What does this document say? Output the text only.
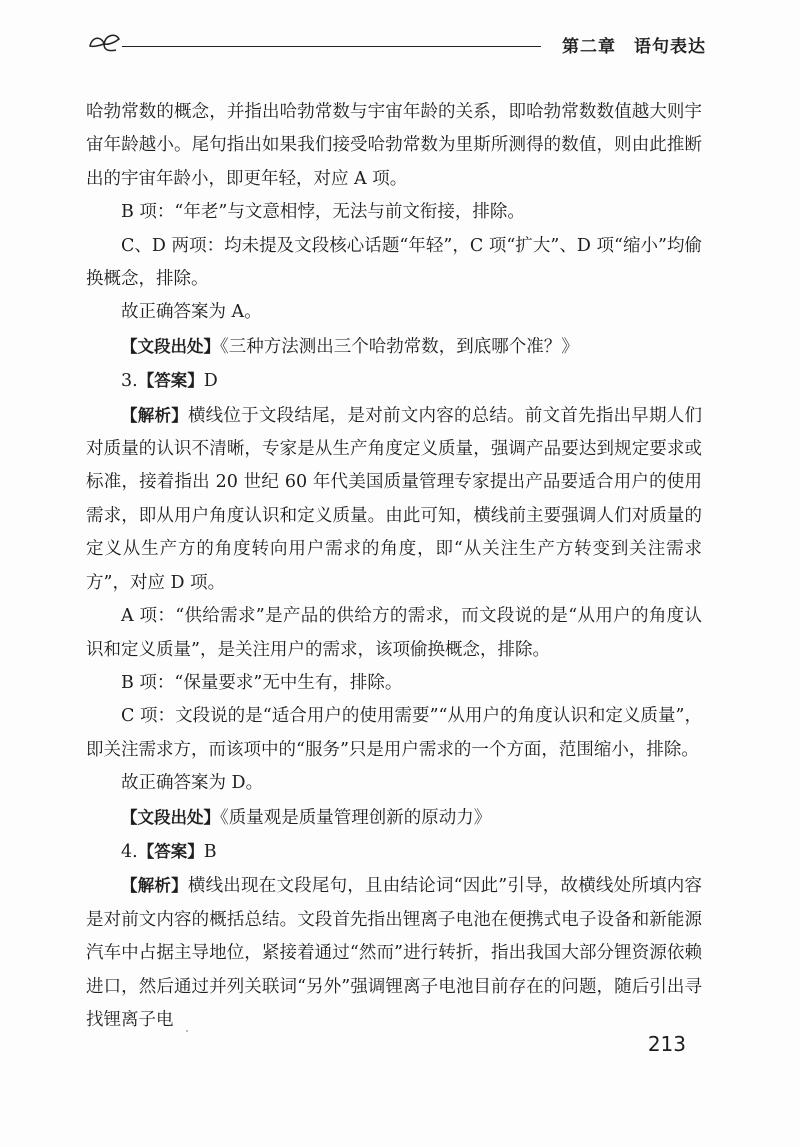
第二章 语句表达

哈勃常数的概念，并指出哈勃常数与宇宙年龄的关系，即哈勃常数数值越大则宇宙年龄越小。尾句指出如果我们接受哈勃常数为里斯所测得的数值，则由此推断出的宇宙年龄小，即更年轻，对应 A 项。

B 项：“年老”与文意相悖，无法与前文衔接，排除。

C、D 两项：均未提及文段核心话题“年轻”，C 项“扩大”、D 项“缩小”均偷换概念，排除。

故正确答案为 A。

【文段出处】《三种方法测出三个哈勃常数，到底哪个准？》

3.【答案】D

【解析】横线位于文段结尾，是对前文内容的总结。前文首先指出早期人们对质量的认识不清晰，专家是从生产角度定义质量，强调产品要达到规定要求或标准，接着指出 20 世纪 60 年代美国质量管理专家提出产品要适合用户的使用需求，即从用户角度认识和定义质量。由此可知，横线前主要强调人们对质量的定义从生产方的角度转向用户需求的角度，即“从关注生产方转变到关注需求方”，对应 D 项。

A 项：“供给需求”是产品的供给方的需求，而文段说的是“从用户的角度认识和定义质量”，是关注用户的需求，该项偷换概念，排除。

B 项：“保量要求”无中生有，排除。

C 项：文段说的是“适合用户的使用需要”“从用户的角度认识和定义质量”，即关注需求方，而该项中的“服务”只是用户需求的一个方面，范围缩小，排除。

故正确答案为 D。

【文段出处】《质量观是质量管理创新的原动力》

4.【答案】B

【解析】横线出现在文段尾句，且由结论词“因此”引导，故横线处所填内容是对前文内容的概括总结。文段首先指出锂离子电池在便携式电子设备和新能源汽车中占据主导地位，紧接着通过“然而”进行转折，指出我国大部分锂资源依赖进口，然后通过并列关联词“另外”强调锂离子电池目前存在的问题，随后引出寻找锂离子电

213
